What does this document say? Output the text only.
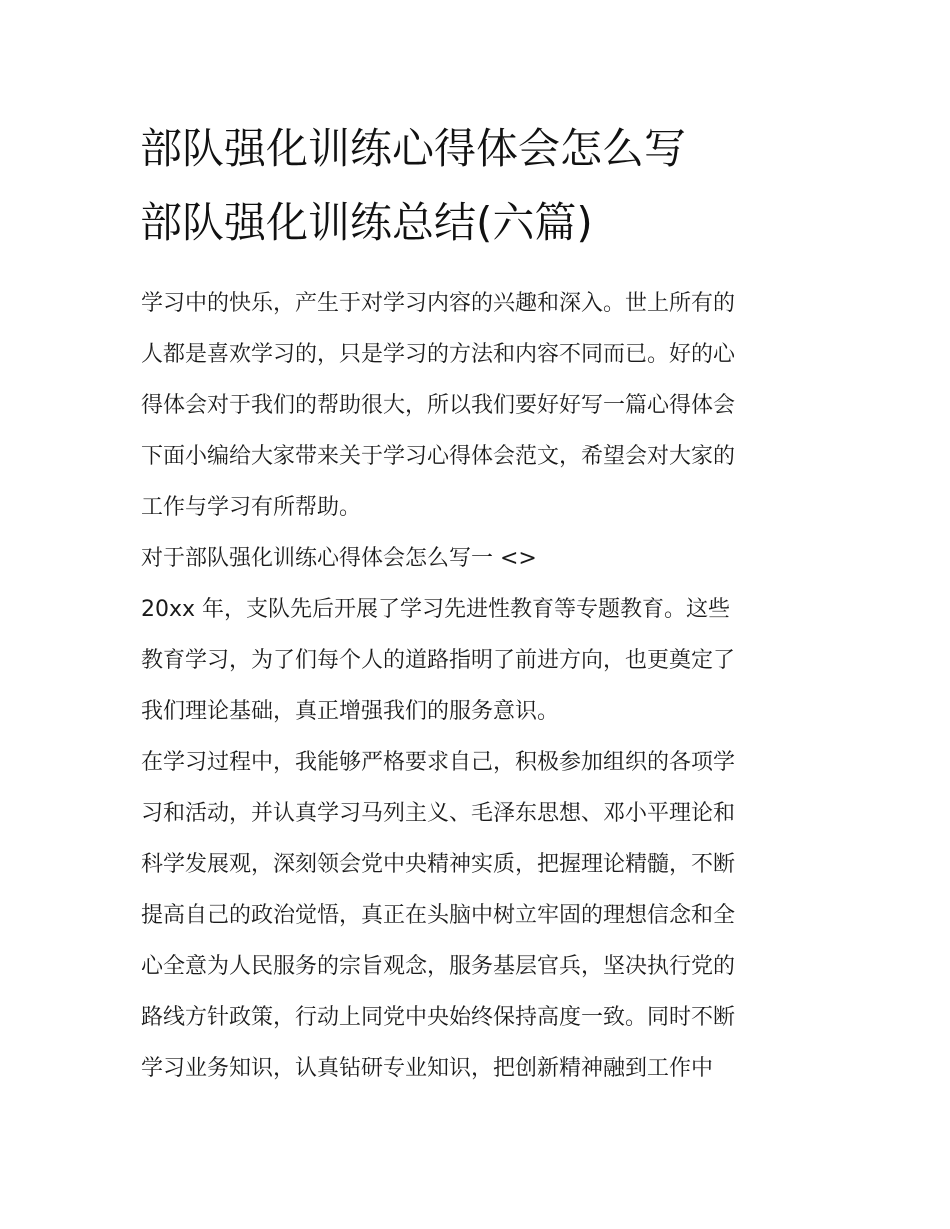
部队强化训练心得体会怎么写
部队强化训练总结(六篇)
学习中的快乐，产生于对学习内容的兴趣和深入。世上所有的
人都是喜欢学习的，只是学习的方法和内容不同而已。好的心
得体会对于我们的帮助很大，所以我们要好好写一篇心得体会
下面小编给大家带来关于学习心得体会范文，希望会对大家的
工作与学习有所帮助。
对于部队强化训练心得体会怎么写一 <>
20xx 年，支队先后开展了学习先进性教育等专题教育。这些
教育学习，为了们每个人的道路指明了前进方向，也更奠定了
我们理论基础，真正增强我们的服务意识。
在学习过程中，我能够严格要求自己，积极参加组织的各项学
习和活动，并认真学习马列主义、毛泽东思想、邓小平理论和
科学发展观，深刻领会党中央精神实质，把握理论精髓，不断
提高自己的政治觉悟，真正在头脑中树立牢固的理想信念和全
心全意为人民服务的宗旨观念，服务基层官兵，坚决执行党的
路线方针政策，行动上同党中央始终保持高度一致。同时不断
学习业务知识，认真钻研专业知识，把创新精神融到工作中
